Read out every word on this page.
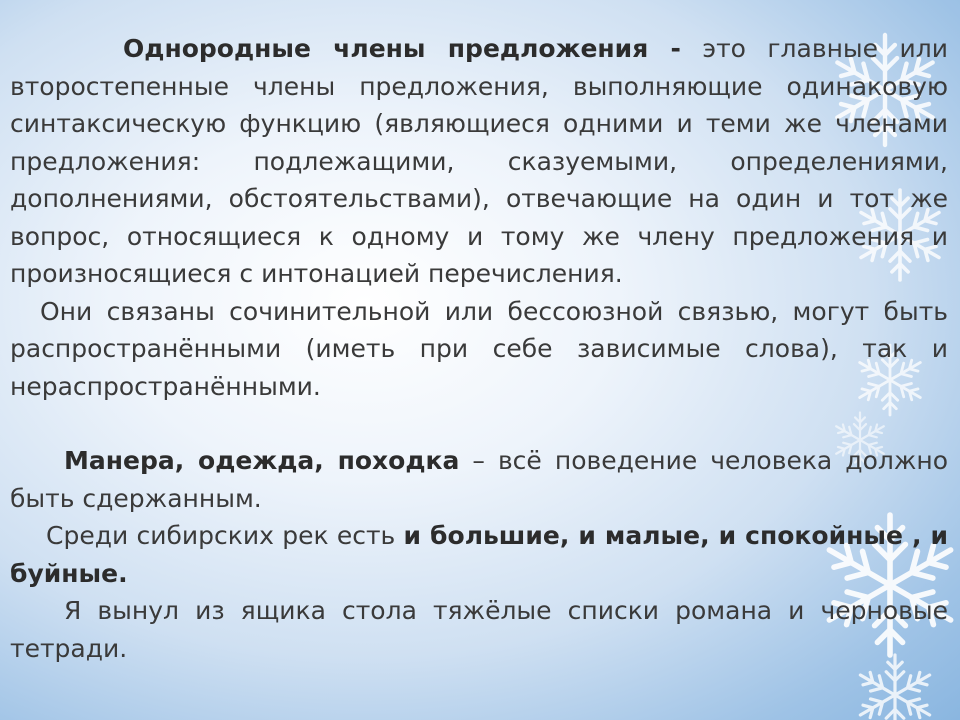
Однородные члены предложения - это главные или второстепенные члены предложения, выполняющие одинаковую синтаксическую функцию (являющиеся одними и теми же членами предложения: подлежащими, сказуемыми, определениями, дополнениями, обстоятельствами), отвечающие на один и тот же вопрос, относящиеся к одному и тому же члену предложения и произносящиеся с интонацией перечисления.

Они связаны сочинительной или бессоюзной связью, могут быть распространёнными (иметь при себе зависимые слова), так и нераспространёнными.

Манера, одежда, походка – всё поведение человека должно быть сдержанным.

Среди сибирских рек есть и большие, и малые, и спокойные , и буйные.

Я вынул из ящика стола тяжёлые списки романа и черновые тетради.
